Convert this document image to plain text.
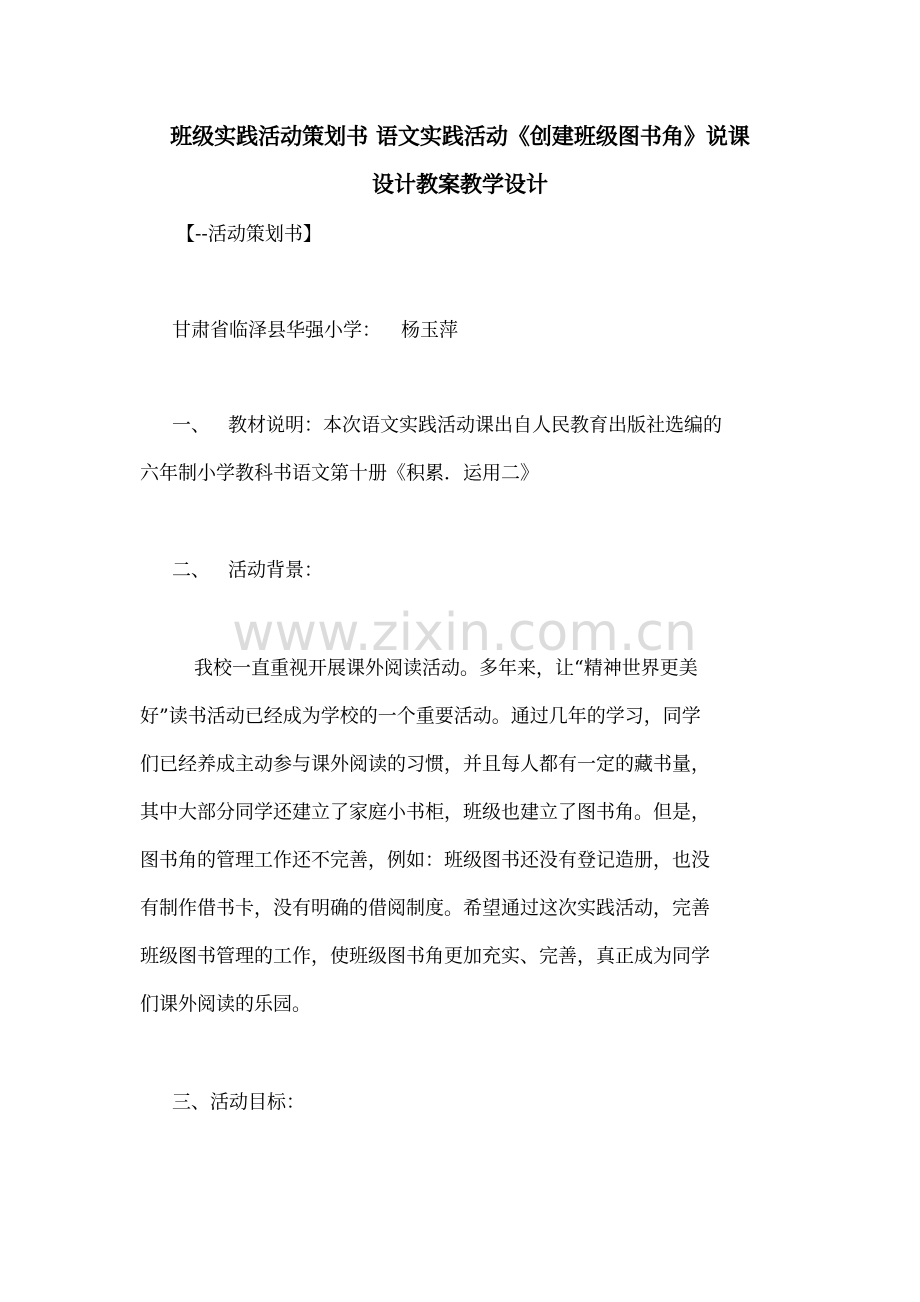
www.zixin.com.cn
班级实践活动策划书 语文实践活动《创建班级图书角》说课
设计教案教学设计
【--活动策划书】
甘肃省临泽县华强小学： 杨玉萍
一、 教材说明：本次语文实践活动课出自人民教育出版社选编的
六年制小学教科书语文第十册《积累．运用二》
二、 活动背景：
我校一直重视开展课外阅读活动。多年来，让“精神世界更美
好”读书活动已经成为学校的一个重要活动。通过几年的学习，同学
们已经养成主动参与课外阅读的习惯，并且每人都有一定的藏书量，
其中大部分同学还建立了家庭小书柜，班级也建立了图书角。但是，
图书角的管理工作还不完善，例如：班级图书还没有登记造册，也没
有制作借书卡，没有明确的借阅制度。希望通过这次实践活动，完善
班级图书管理的工作，使班级图书角更加充实、完善，真正成为同学
们课外阅读的乐园。
三、活动目标：
